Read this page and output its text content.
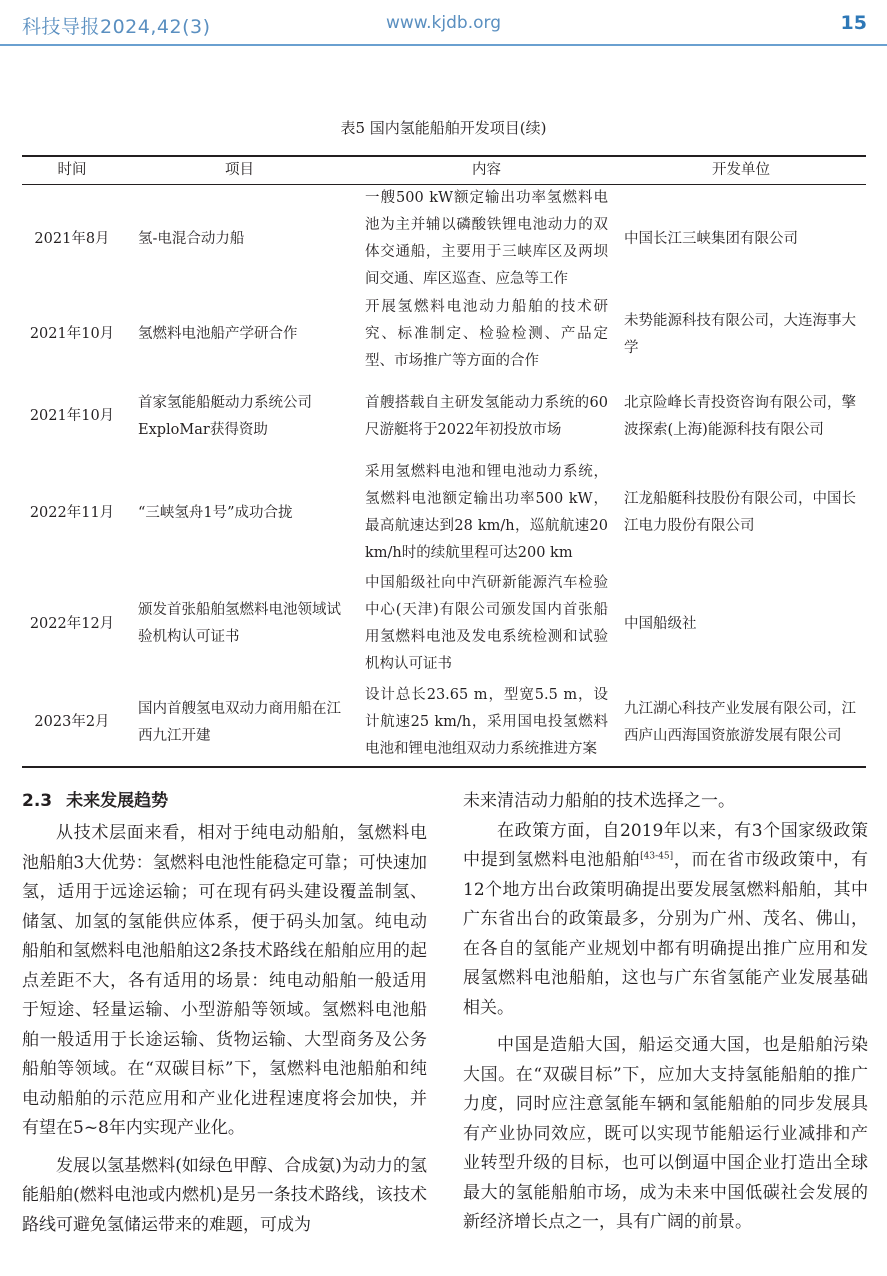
科技导报2024,42(3)	www.kjdb.org	15
表5 国内氢能船舶开发项目(续)
时间	项目	内容	开发单位
2021年8月	氢-电混合动力船	一艘500 kW额定输出功率氢燃料电池为主并辅以磷酸铁锂电池动力的双体交通船，主要用于三峡库区及两坝间交通、库区巡查、应急等工作	中国长江三峡集团有限公司
2021年10月	氢燃料电池船产学研合作	开展氢燃料电池动力船舶的技术研究、标准制定、检验检测、产品定型、市场推广等方面的合作	未势能源科技有限公司，大连海事大学
2021年10月	首家氢能船艇动力系统公司ExploMar获得资助	首艘搭载自主研发氢能动力系统的60尺游艇将于2022年初投放市场	北京险峰长青投资咨询有限公司，擎波探索(上海)能源科技有限公司
2022年11月	“三峡氢舟1号”成功合拢	采用氢燃料电池和锂电池动力系统，氢燃料电池额定输出功率500 kW，最高航速达到28 km/h，巡航航速20 km/h时的续航里程可达200 km	江龙船艇科技股份有限公司，中国长江电力股份有限公司
2022年12月	颁发首张船舶氢燃料电池领域试验机构认可证书	中国船级社向中汽研新能源汽车检验中心(天津)有限公司颁发国内首张船用氢燃料电池及发电系统检测和试验机构认可证书	中国船级社
2023年2月	国内首艘氢电双动力商用船在江西九江开建	设计总长23.65 m，型宽5.5 m，设计航速25 km/h，采用国电投氢燃料电池和锂电池组双动力系统推进方案	九江湖心科技产业发展有限公司，江西庐山西海国资旅游发展有限公司
2.3 未来发展趋势

从技术层面来看，相对于纯电动船舶，氢燃料电池船舶3大优势：氢燃料电池性能稳定可靠；可快速加氢，适用于远途运输；可在现有码头建设覆盖制氢、储氢、加氢的氢能供应体系，便于码头加氢。纯电动船舶和氢燃料电池船舶这2条技术路线在船舶应用的起点差距不大，各有适用的场景：纯电动船舶一般适用于短途、轻量运输、小型游船等领域。氢燃料电池船舶一般适用于长途运输、货物运输、大型商务及公务船舶等领域。在“双碳目标”下，氢燃料电池船舶和纯电动船舶的示范应用和产业化进程速度将会加快，并有望在5~8年内实现产业化。

发展以氢基燃料(如绿色甲醇、合成氨)为动力的氢能船舶(燃料电池或内燃机)是另一条技术路线，该技术路线可避免氢储运带来的难题，可成为

未来清洁动力船舶的技术选择之一。

在政策方面，自2019年以来，有3个国家级政策中提到氢燃料电池船舶[43-45]，而在省市级政策中，有12个地方出台政策明确提出要发展氢燃料船舶，其中广东省出台的政策最多，分别为广州、茂名、佛山，在各自的氢能产业规划中都有明确提出推广应用和发展氢燃料电池船舶，这也与广东省氢能产业发展基础相关。

中国是造船大国，船运交通大国，也是船舶污染大国。在“双碳目标”下，应加大支持氢能船舶的推广力度，同时应注意氢能车辆和氢能船舶的同步发展具有产业协同效应，既可以实现节能船运行业减排和产业转型升级的目标，也可以倒逼中国企业打造出全球最大的氢能船舶市场，成为未来中国低碳社会发展的新经济增长点之一，具有广阔的前景。
